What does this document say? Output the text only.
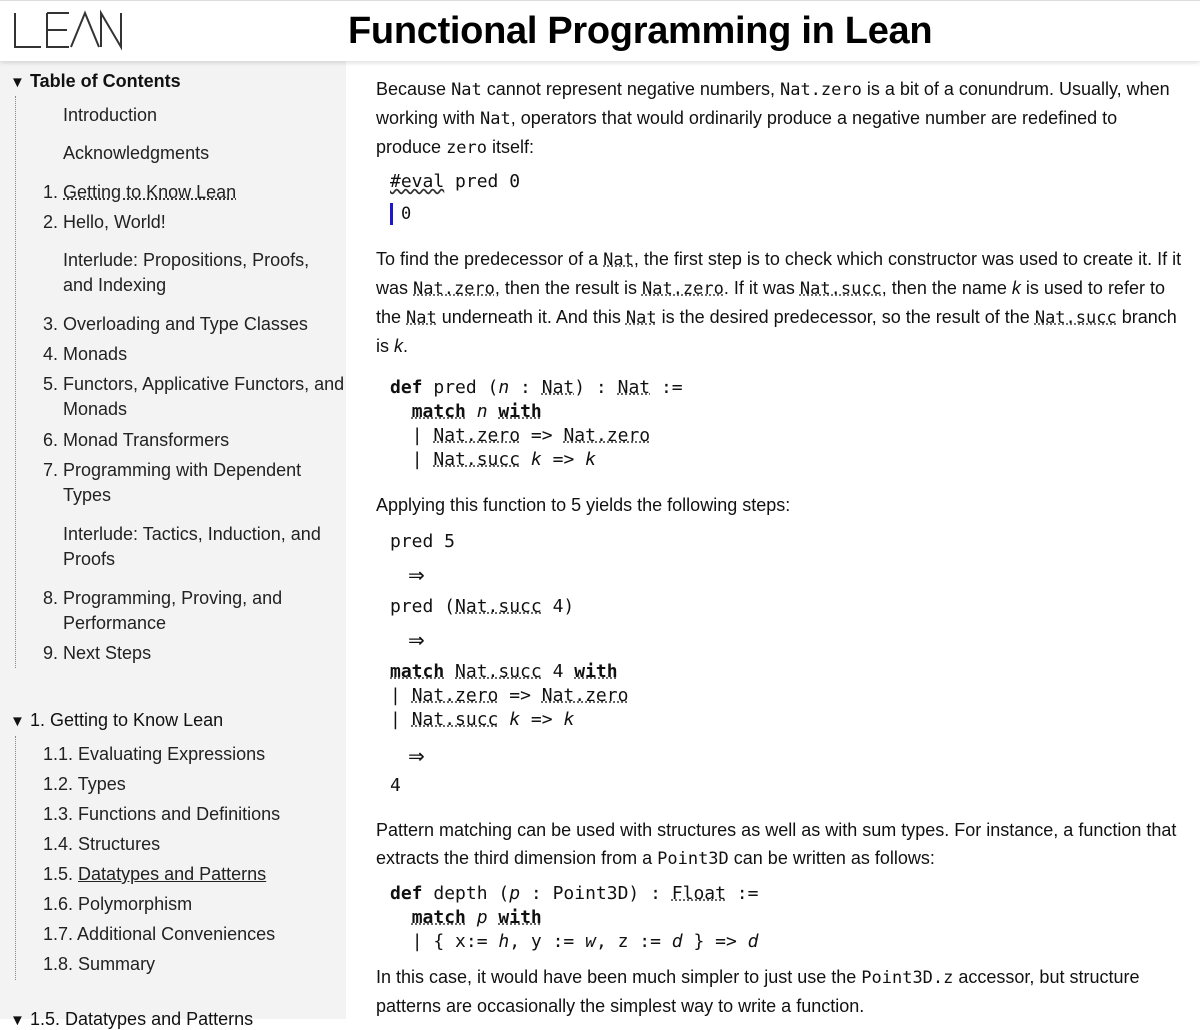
Functional Programming in Lean
▼ Table of Contents
Introduction
Acknowledgments
1. Getting to Know Lean
2. Hello, World!
Interlude: Propositions, Proofs, and Indexing
3. Overloading and Type Classes
4. Monads
5. Functors, Applicative Functors, and Monads
6. Monad Transformers
7. Programming with Dependent Types
Interlude: Tactics, Induction, and Proofs
8. Programming, Proving, and Performance
9. Next Steps
▼ 1. Getting to Know Lean
1.1. Evaluating Expressions
1.2. Types
1.3. Functions and Definitions
1.4. Structures
1.5. Datatypes and Patterns
1.6. Polymorphism
1.7. Additional Conveniences
1.8. Summary
▼ 1.5. Datatypes and Patterns
Because Nat cannot represent negative numbers, Nat.zero is a bit of a conundrum. Usually, when working with Nat, operators that would ordinarily produce a negative number are redefined to produce zero itself:
#eval pred 0
0
To find the predecessor of a Nat, the first step is to check which constructor was used to create it. If it was Nat.zero, then the result is Nat.zero. If it was Nat.succ, then the name k is used to refer to the Nat underneath it. And this Nat is the desired predecessor, so the result of the Nat.succ branch is k.
def pred (n : Nat) : Nat :=
match n with
| Nat.zero => Nat.zero
| Nat.succ k => k
Applying this function to 5 yields the following steps:
pred 5
⇒
pred (Nat.succ 4)
⇒
match Nat.succ 4 with
| Nat.zero => Nat.zero
| Nat.succ k => k
⇒
4
Pattern matching can be used with structures as well as with sum types. For instance, a function that extracts the third dimension from a Point3D can be written as follows:
def depth (p : Point3D) : Float :=
match p with
| { x:= h, y := w, z := d } => d
In this case, it would have been much simpler to just use the Point3D.z accessor, but structure patterns are occasionally the simplest way to write a function.
